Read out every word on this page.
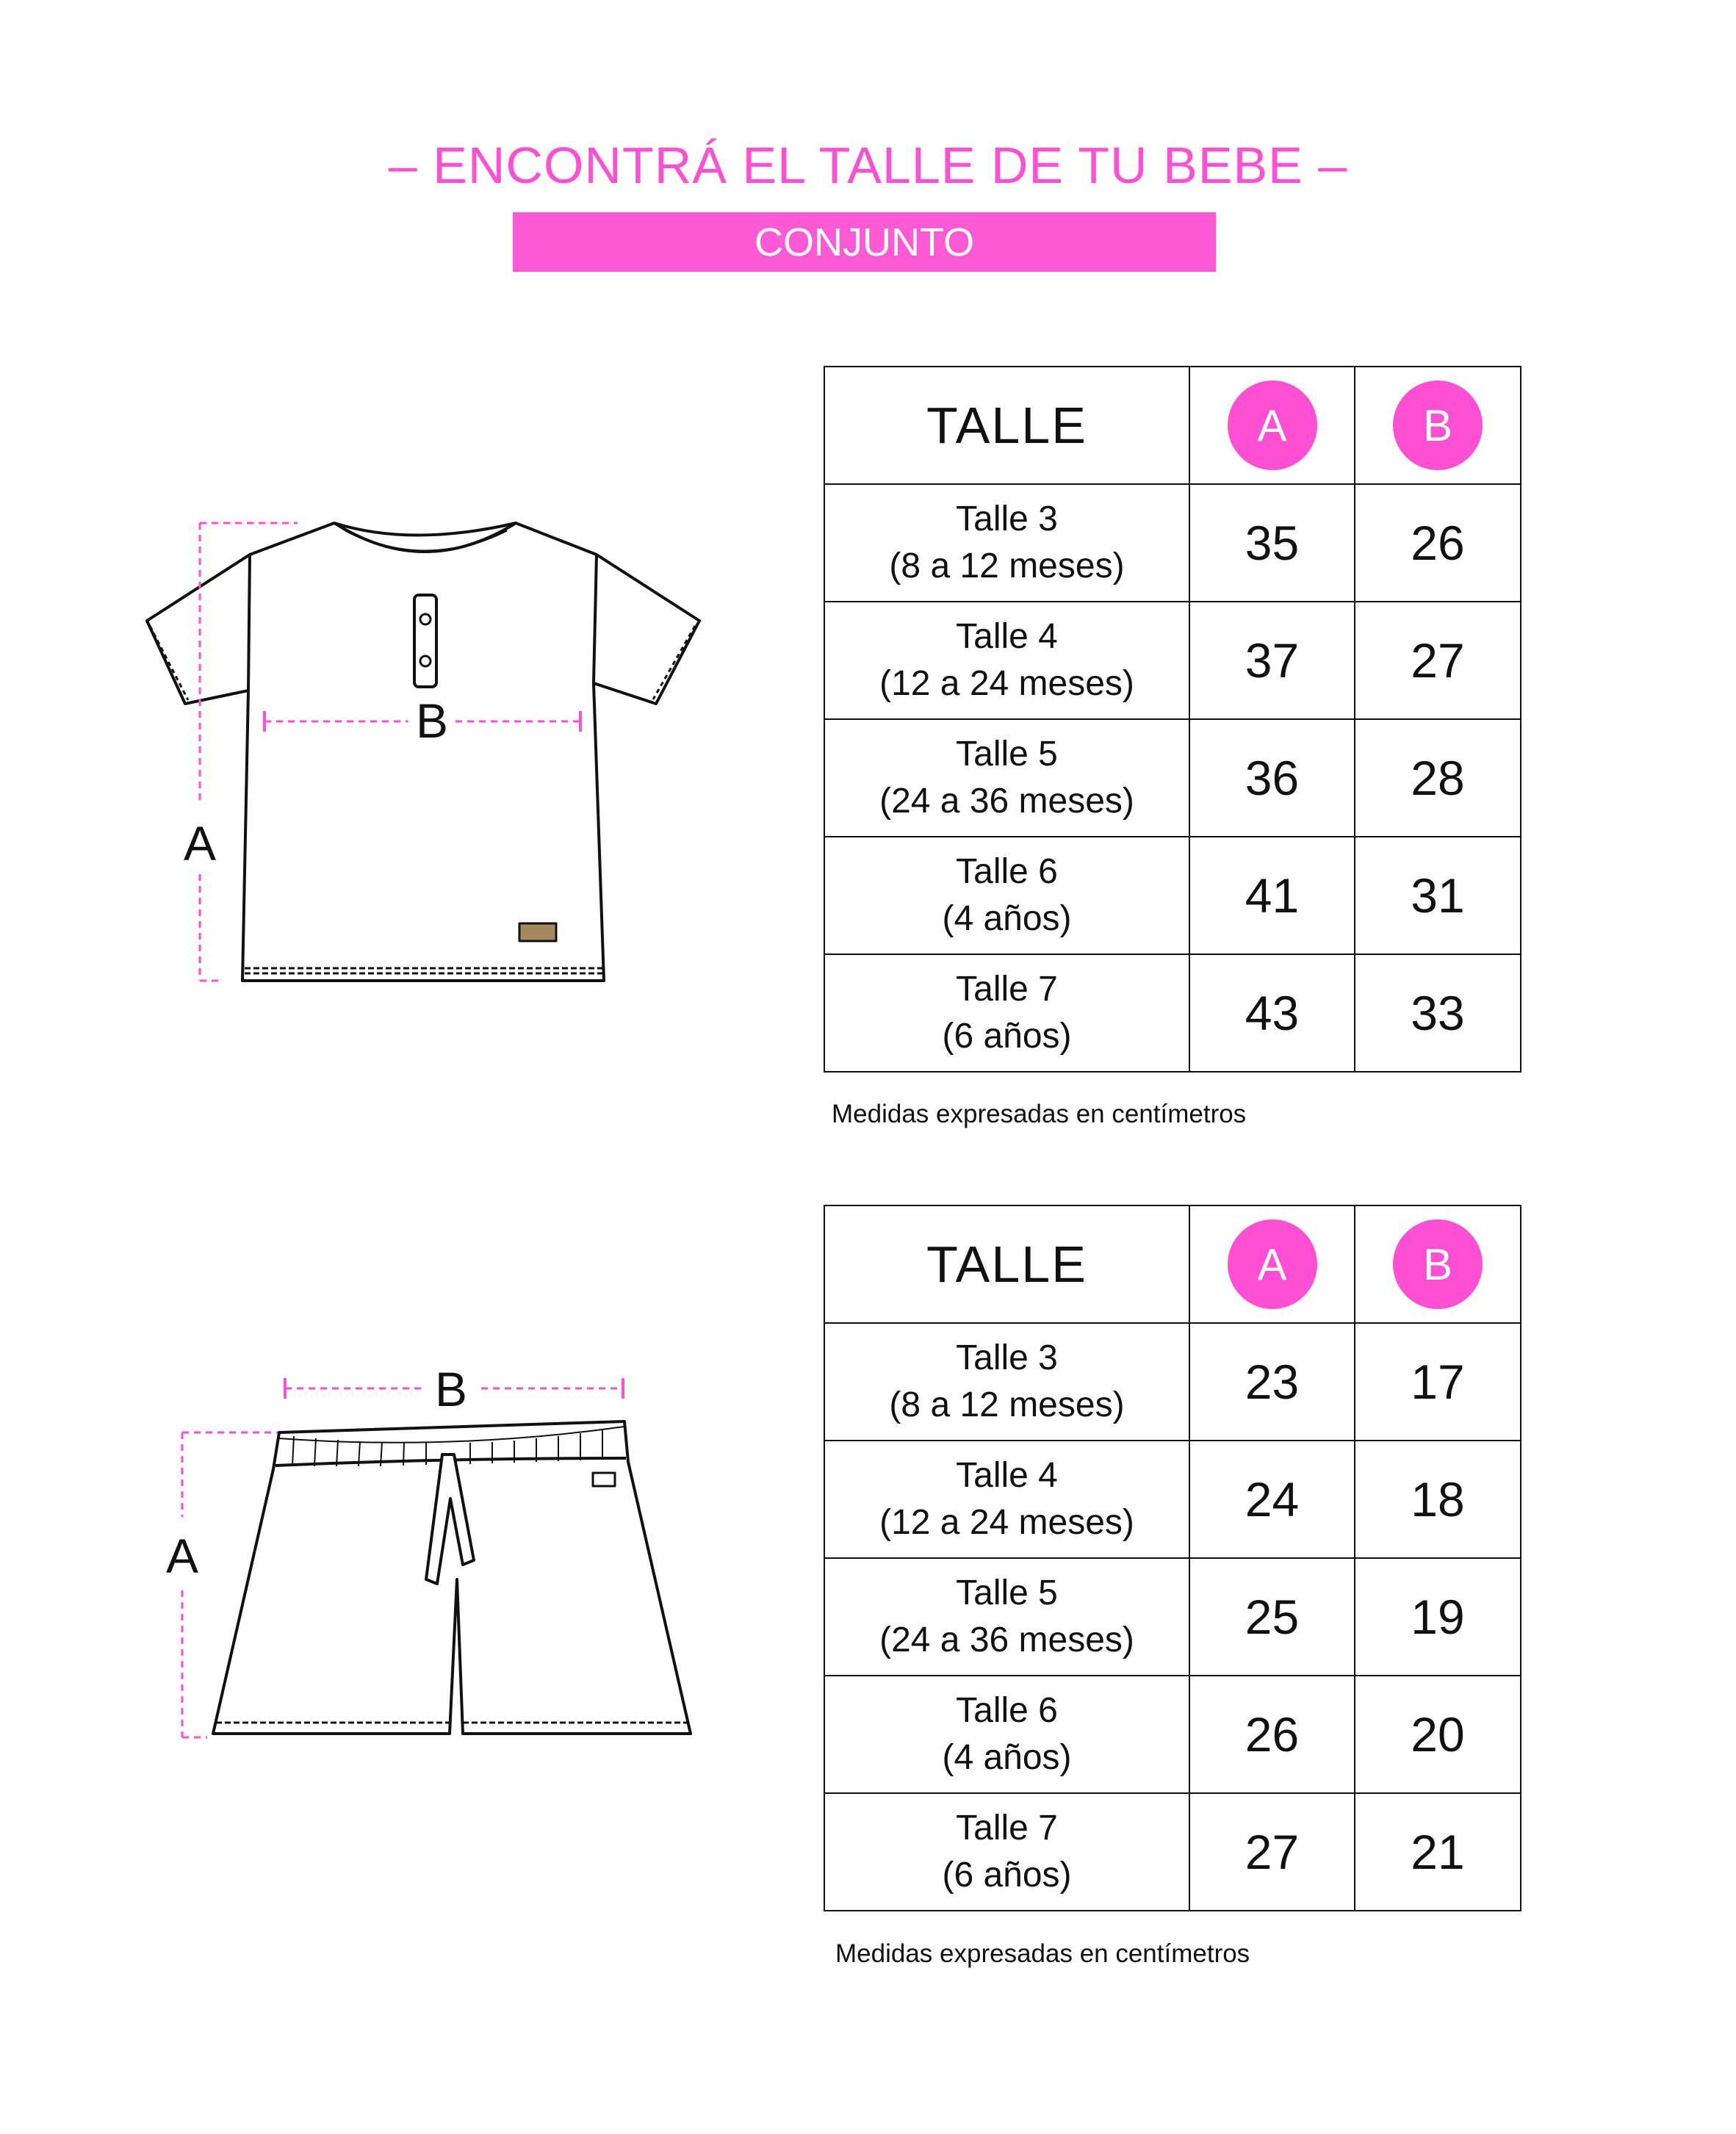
– ENCONTRÁ EL TALLE DE TU BEBE –
CONJUNTO
B
A
B
A
TALLE	A	B

Talle 3
(8 a 12 meses)	35	26

Talle 4
(12 a 24 meses)	37	27

Talle 5
(24 a 36 meses)	36	28

Talle 6
(4 años)	41	31

Talle 7
(6 años)	43	33
Medidas expresadas en centímetros
TALLE	A	B

Talle 3
(8 a 12 meses)	23	17

Talle 4
(12 a 24 meses)	24	18

Talle 5
(24 a 36 meses)	25	19

Talle 6
(4 años)	26	20

Talle 7
(6 años)	27	21
Medidas expresadas en centímetros
